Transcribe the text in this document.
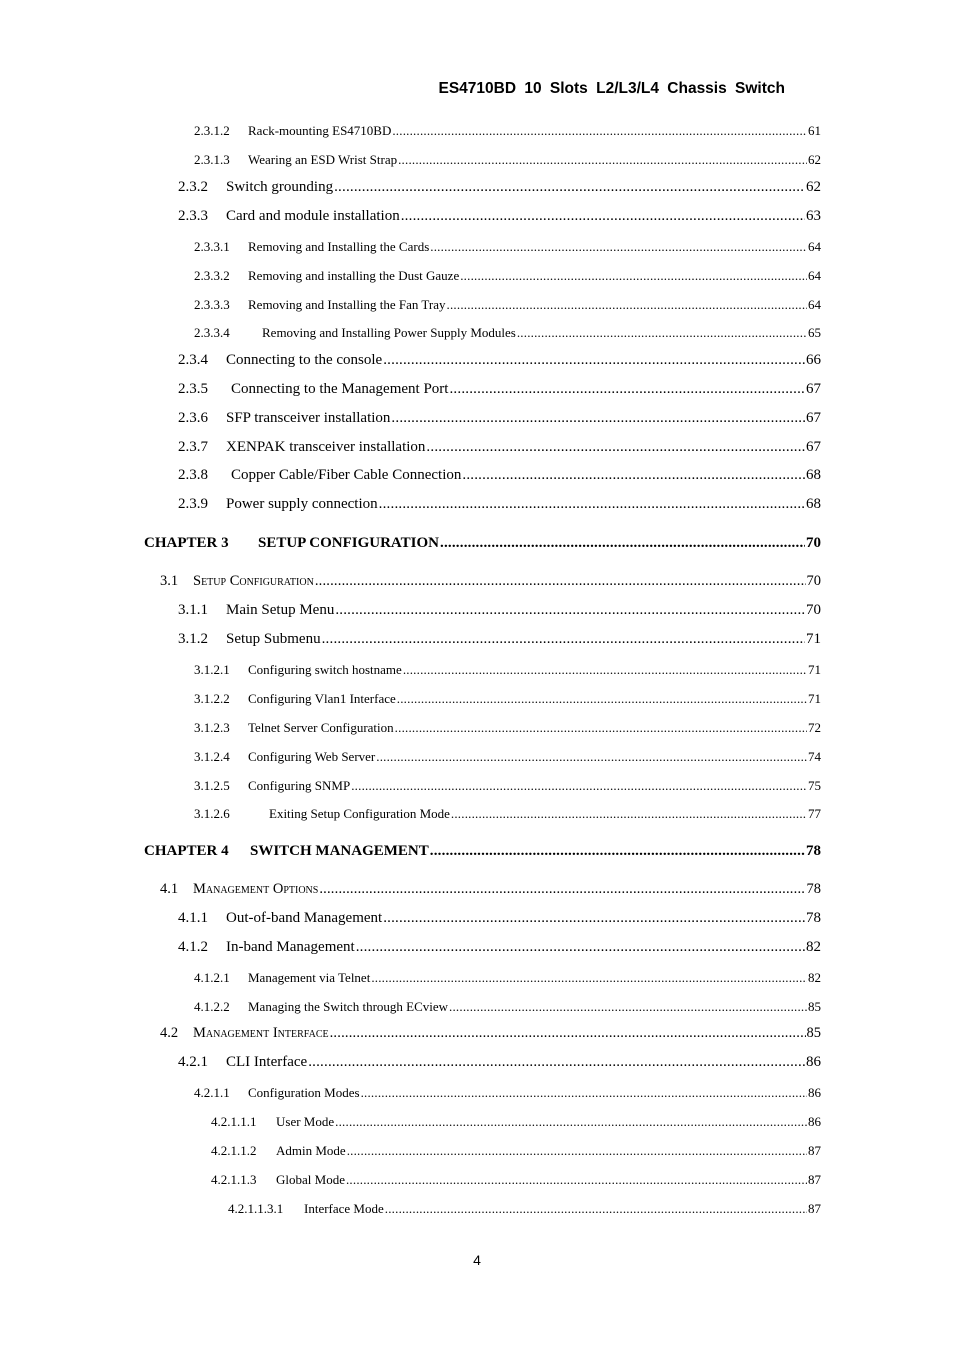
ES4710BD 10 Slots L2/L3/L4 Chassis Switch
2.3.1.2	Rack-mounting ES4710BD .....	61
2.3.1.3	Wearing an ESD Wrist Strap .....	62
2.3.2	Switch grounding .....	62
2.3.3	Card and module installation .....	63
2.3.3.1	Removing and Installing the Cards .....	64
2.3.3.2	Removing and installing the Dust Gauze .....	64
2.3.3.3	Removing and Installing the Fan Tray .....	64
2.3.3.4	Removing and Installing Power Supply Modules .....	65
2.3.4	Connecting to the console .....	66
2.3.5	Connecting to the Management Port .....	67
2.3.6	SFP transceiver installation .....	67
2.3.7	XENPAK transceiver installation .....	67
2.3.8	Copper Cable/Fiber Cable Connection .....	68
2.3.9	Power supply connection .....	68
CHAPTER 3	SETUP CONFIGURATION .....	70
3.1	Setup Configuration .....	70
3.1.1	Main Setup Menu .....	70
3.1.2	Setup Submenu .....	71
3.1.2.1	Configuring switch hostname .....	71
3.1.2.2	Configuring Vlan1 Interface .....	71
3.1.2.3	Telnet Server Configuration .....	72
3.1.2.4	Configuring Web Server .....	74
3.1.2.5	Configuring SNMP .....	75
3.1.2.6	Exiting Setup Configuration Mode .....	77
CHAPTER 4	SWITCH MANAGEMENT .....	78
4.1	Management Options .....	78
4.1.1	Out-of-band Management .....	78
4.1.2	In-band Management .....	82
4.1.2.1	Management via Telnet .....	82
4.1.2.2	Managing the Switch through ECview .....	85
4.2	Management Interface .....	85
4.2.1	CLI Interface .....	86
4.2.1.1	Configuration Modes .....	86
4.2.1.1.1	User Mode .....	86
4.2.1.1.2	Admin Mode .....	87
4.2.1.1.3	Global Mode .....	87
4.2.1.1.3.1	Interface Mode .....	87
4
